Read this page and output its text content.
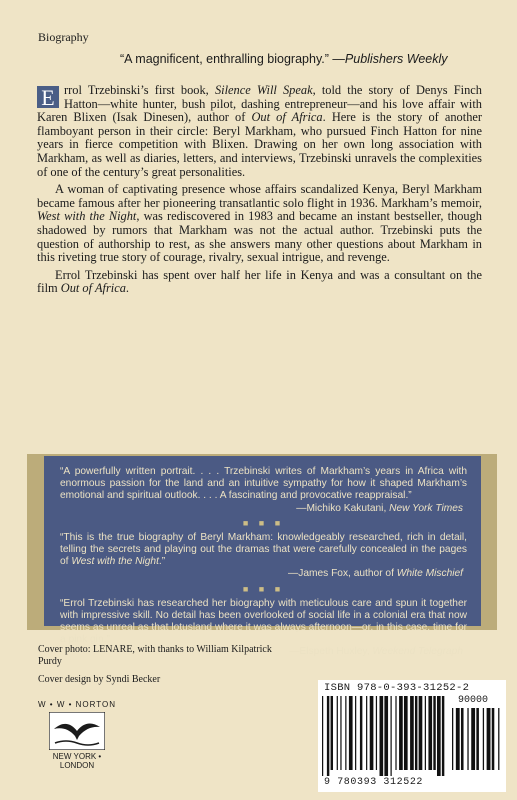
Biography
“A magnificent, enthralling biography.” —Publishers Weekly

E rrol Trzebinski’s first book, Silence Will Speak, told the story of Denys Finch Hatton—white hunter, bush pilot, dashing entrepreneur—and his love affair with Karen Blixen (Isak Dinesen), author of Out of Africa. Here is the story of another flamboyant person in their circle: Beryl Markham, who pursued Finch Hatton for nine years in fierce competition with Blixen. Drawing on her own long association with Markham, as well as diaries, letters, and interviews, Trzebinski unravels the complexities of one of the century’s great personalities.

A woman of captivating presence whose affairs scandalized Kenya, Beryl Markham became famous after her pioneering transatlantic solo flight in 1936. Markham’s memoir, West with the Night, was rediscovered in 1983 and became an instant bestseller, though shadowed by rumors that Markham was not the actual author. Trzebinski puts the question of authorship to rest, as she answers many other questions about Markham in this riveting true story of courage, rivalry, sexual intrigue, and revenge.

Errol Trzebinski has spent over half her life in Kenya and was a consultant on the film Out of Africa.

“A powerfully written portrait. . . . Trzebinski writes of Markham’s years in Africa with enormous passion for the land and an intuitive sympathy for how it shaped Markham’s emotional and spiritual outlook. . . . A fascinating and provocative reappraisal.”

—Michiko Kakutani, New York Times

■ ■ ■

“This is the true biography of Beryl Markham: knowledgeably researched, rich in detail, telling the secrets and playing out the dramas that were carefully concealed in the pages of West with the Night.”

—James Fox, author of White Mischief

■ ■ ■

“Errol Trzebinski has researched her biography with meticulous care and spun it together with impressive skill. No detail has been overlooked of social life in a colonial era that now seems as unreal as that lotusland where it was always afternoon—or, in this case, time for a pink gin.”

—Elspeth Huxley, Weekend Telegraph

Cover photo: LENARE, with thanks to William Kilpatrick Purdy

Cover design by Syndi Becker

W • W • NORTON
NEW YORK • LONDON
ISBN 978-0-393-31252-2
90000
9 780393 312522
